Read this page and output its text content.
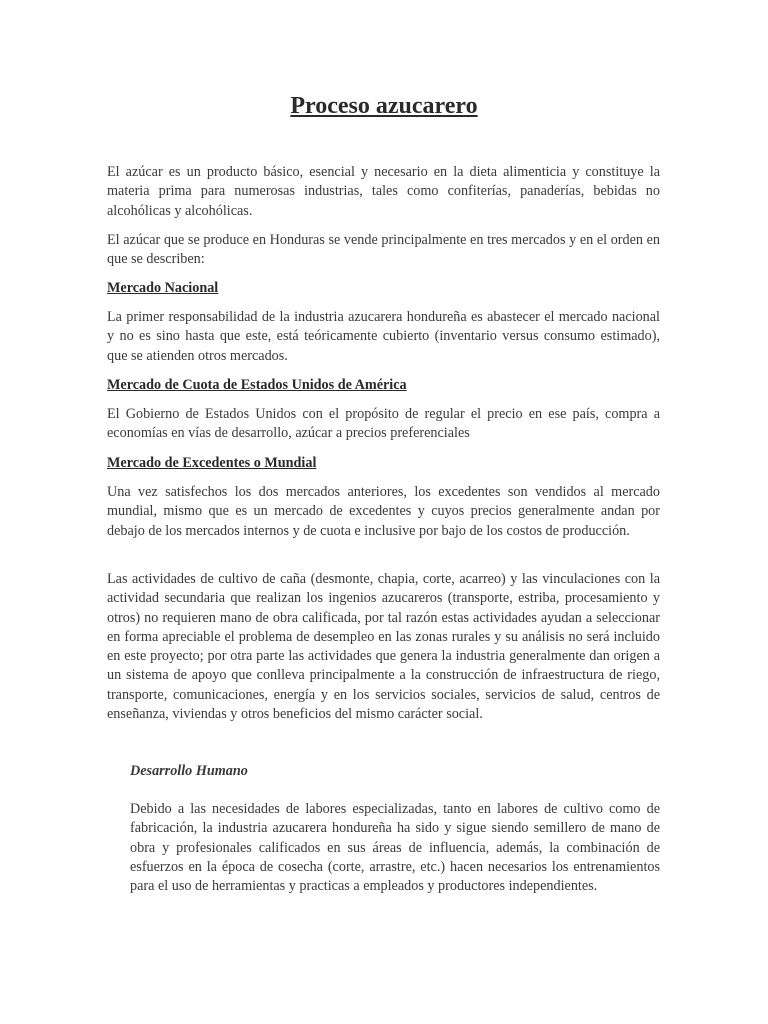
Proceso azucarero

El azúcar es un producto básico, esencial y necesario en la dieta alimenticia y constituye la materia prima para numerosas industrias, tales como confiterías, panaderías, bebidas no alcohólicas y alcohólicas.

El azúcar que se produce en Honduras se vende principalmente en tres mercados y en el orden en que se describen:

Mercado Nacional

La primer responsabilidad de la industria azucarera hondureña es abastecer el mercado nacional y no es sino hasta que este, está teóricamente cubierto (inventario versus consumo estimado), que se atienden otros mercados.

Mercado de Cuota de Estados Unidos de América

El Gobierno de Estados Unidos con el propósito de regular el precio en ese país, compra a economías en vías de desarrollo, azúcar a precios preferenciales

Mercado de Excedentes o Mundial

Una vez satisfechos los dos mercados anteriores, los excedentes son vendidos al mercado mundial, mismo que es un mercado de excedentes y cuyos precios generalmente andan por debajo de los mercados internos y de cuota e inclusive por bajo de los costos de producción.

Las actividades de cultivo de caña (desmonte, chapia, corte, acarreo) y las vinculaciones con la actividad secundaria que realizan los ingenios azucareros (transporte, estriba, procesamiento y otros) no requieren mano de obra calificada, por tal razón estas actividades ayudan a seleccionar en forma apreciable el problema de desempleo en las zonas rurales y su análisis no será incluido en este proyecto; por otra parte las actividades que genera la industria generalmente dan origen a un sistema de apoyo que conlleva principalmente a la construcción de infraestructura de riego, transporte, comunicaciones, energía y en los servicios sociales, servicios de salud, centros de enseñanza, viviendas y otros beneficios del mismo carácter social.

Desarrollo Humano

Debido a las necesidades de labores especializadas, tanto en labores de cultivo como de fabricación, la industria azucarera hondureña ha sido y sigue siendo semillero de mano de obra y profesionales calificados en sus áreas de influencia, además, la combinación de esfuerzos en la época de cosecha (corte, arrastre, etc.) hacen necesarios los entrenamientos para el uso de herramientas y practicas a empleados y productores independientes.
